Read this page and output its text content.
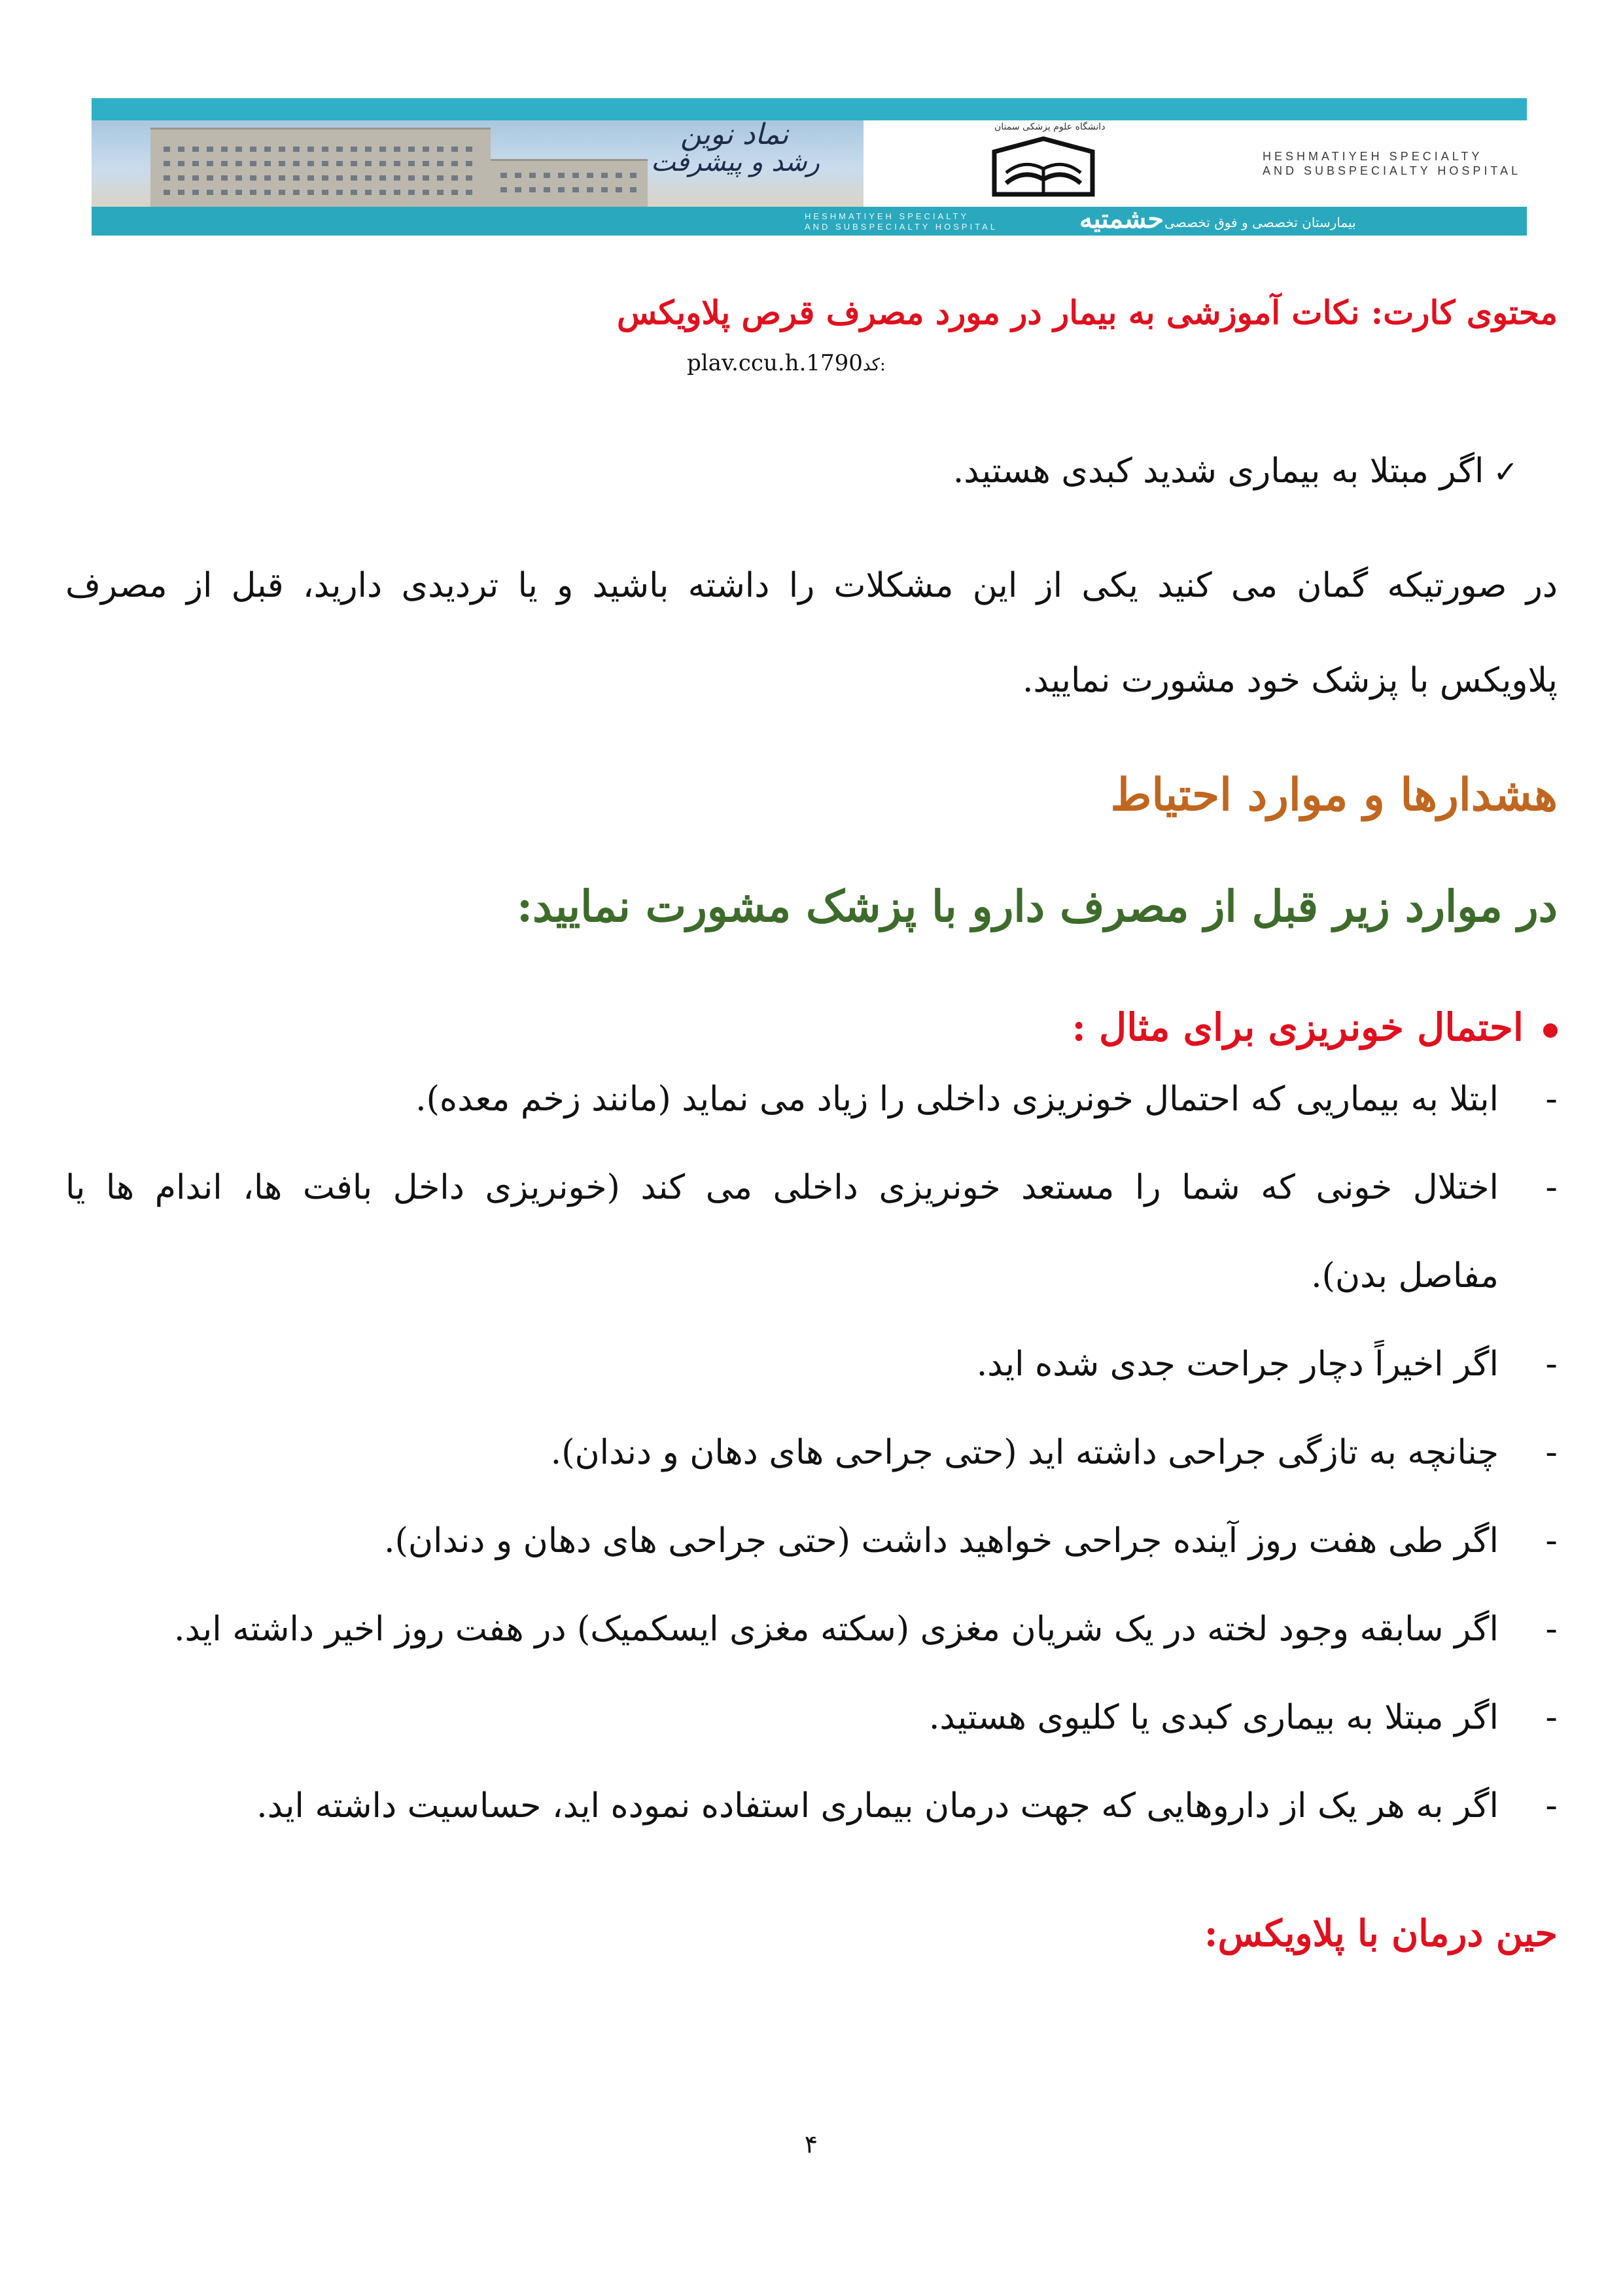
نماد نوین
رشد و پیشرفت
دانشگاه علوم پزشکی سمنان
HESHMATIYEH SPECIALTY
AND SUBSPECIALTY HOSPITAL
HESHMATIYEH SPECIALTY
AND SUBSPECIALTY HOSPITAL	حشمتیه بیمارستان تخصصی و فوق تخصصی
محتوی کارت: نکات آموزشی به بیمار در مورد مصرف قرص پلاویکس
plav.ccu.h.1790کد:
✓اگر مبتلا به بیماری شدید کبدی هستید.
در صورتیکه گمان می کنید یکی از این مشکلات را داشته باشید و یا تردیدی دارید، قبل از مصرف
پلاویکس با پزشک خود مشورت نمایید.
هشدارها و موارد احتیاط
در موارد زیر قبل از مصرف دارو با پزشک مشورت نمایید:
احتمال خونریزی برای مثال :
-
ابتلا به بیماریی که احتمال خونریزی داخلی را زیاد می نماید (مانند زخم معده).
-
اختلال خونی که شما را مستعد خونریزی داخلی می کند (خونریزی داخل بافت ها، اندام ها یا
مفاصل بدن).
-
اگر اخیراً دچار جراحت جدی شده اید.
-
چنانچه به تازگی جراحی داشته اید (حتی جراحی های دهان و دندان).
-
اگر طی هفت روز آینده جراحی خواهید داشت (حتی جراحی های دهان و دندان).
-
اگر سابقه وجود لخته در یک شریان مغزی (سکته مغزی ایسکمیک) در هفت روز اخیر داشته اید.
-
اگر مبتلا به بیماری کبدی یا کلیوی هستید.
-
اگر به هر یک از داروهایی که جهت درمان بیماری استفاده نموده اید، حساسیت داشته اید.
حین درمان با پلاویکس:
۴
